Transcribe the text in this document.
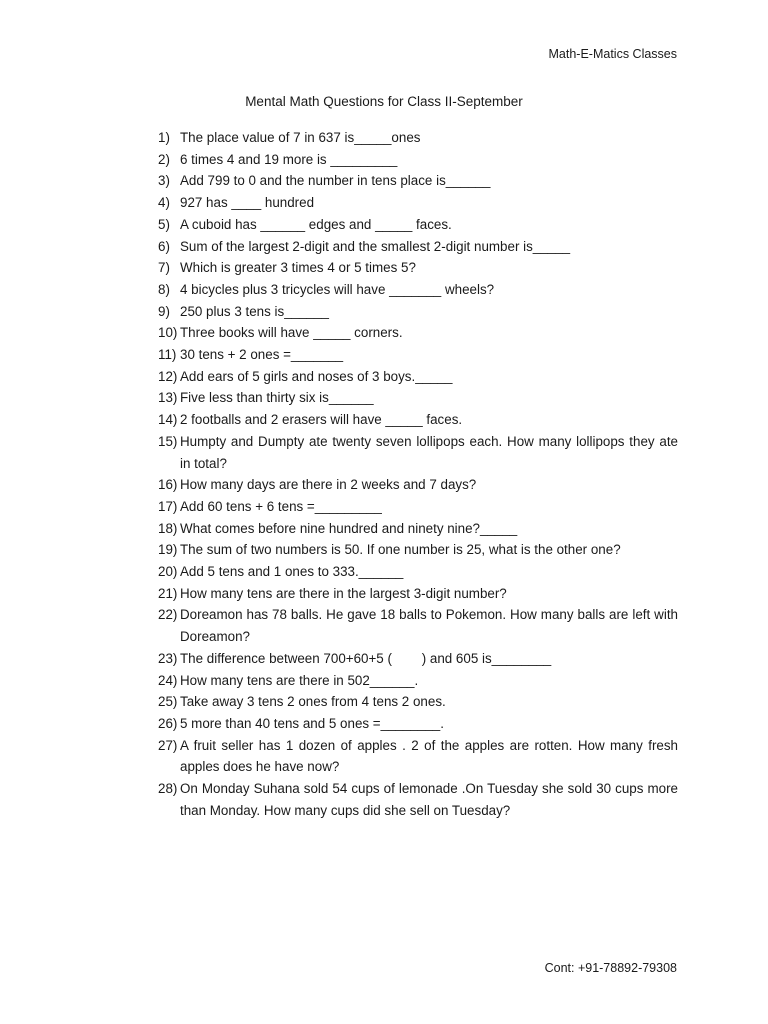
Math-E-Matics Classes
Mental Math Questions for Class II-September
1) The place value of 7 in 637 is_____ones
2) 6 times 4 and 19 more is _________
3) Add 799 to 0 and the number in tens place is______
4) 927 has ____ hundred
5) A cuboid has ______ edges and _____ faces.
6) Sum of the largest 2-digit and the smallest 2-digit number is_____
7) Which is greater 3 times 4 or 5 times 5?
8) 4 bicycles plus 3 tricycles will have _______ wheels?
9) 250 plus 3 tens is______
10) Three books will have _____ corners.
11) 30 tens + 2 ones =_______
12) Add ears of 5 girls and noses of 3 boys._____
13) Five less than thirty six is______
14) 2 footballs and 2 erasers will have _____ faces.
15) Humpty and Dumpty ate twenty seven lollipops each. How many lollipops they ate in total?
16) How many days are there in 2 weeks and 7 days?
17) Add 60 tens + 6 tens =_________
18) What comes before nine hundred and ninety nine?_____
19) The sum of two numbers is 50. If one number is 25, what is the other one?
20) Add 5 tens and 1 ones to 333.______
21) How many tens are there in the largest 3-digit number?
22) Doreamon has 78 balls. He gave 18 balls to Pokemon. How many balls are left with Doreamon?
23) The difference between 700+60+5 (        ) and 605 is________
24) How many tens are there in 502______.
25) Take away 3 tens 2 ones from 4 tens 2 ones.
26) 5 more than 40 tens and 5 ones =________.
27) A fruit seller has 1 dozen of apples . 2 of the apples are rotten. How many fresh apples does he have now?
28) On Monday Suhana sold 54 cups of lemonade .On Tuesday she sold 30 cups more than Monday. How many cups did she sell on Tuesday?
Cont: +91-78892-79308
